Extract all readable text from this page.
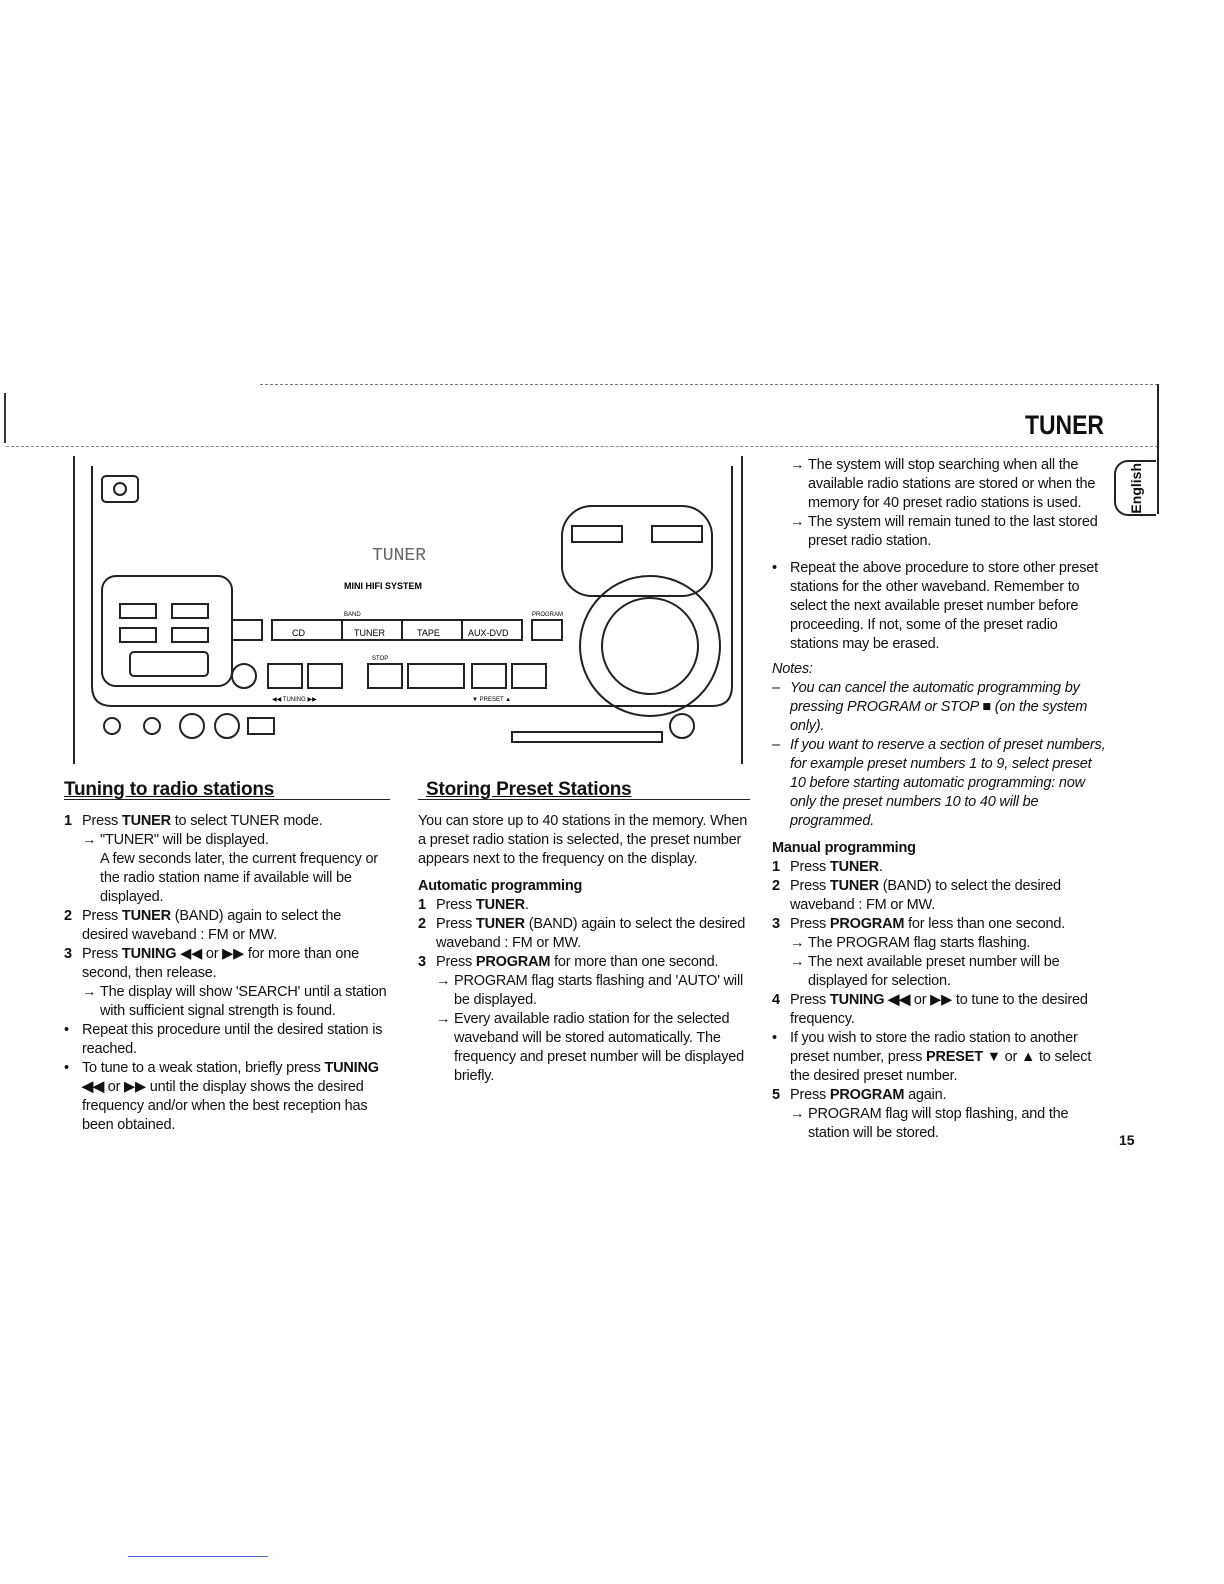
TUNER
English
MINI HIFI SYSTEM
TUNER
CD	TUNER	TAPE	AUX-DVD
BAND	PROGRAM
STOP
◀◀ TUNING ▶▶	▼ PRESET ▲

Tuning to radio stations

1 Press TUNER to select TUNER mode.
→ "TUNER" will be displayed.

A few seconds later, the current frequency or the radio station name if available will be displayed.

2 Press TUNER (BAND) again to select the desired waveband : FM or MW.
3 Press TUNING ◀◀ or ▶▶ for more than one second, then release.
→ The display will show 'SEARCH' until a station with sufficient signal strength is found.
• Repeat this procedure until the desired station is reached.
• To tune to a weak station, briefly press TUNING ◀◀ or ▶▶ until the display shows the desired frequency and/or when the best reception has been obtained.

Storing Preset Stations

You can store up to 40 stations in the memory. When a preset radio station is selected, the preset number appears next to the frequency on the display.

Automatic programming

1 Press TUNER.
2 Press TUNER (BAND) again to select the desired waveband : FM or MW.
3 Press PROGRAM for more than one second.
→ PROGRAM flag starts flashing and 'AUTO' will be displayed.
→ Every available radio station for the selected waveband will be stored automatically. The frequency and preset number will be displayed briefly.
→ The system will stop searching when all the available radio stations are stored or when the memory for 40 preset radio stations is used.
→ The system will remain tuned to the last stored preset radio station.
• Repeat the above procedure to store other preset stations for the other waveband. Remember to select the next available preset number before proceeding. If not, some of the preset radio stations may be erased.

Notes:

– You can cancel the automatic programming by pressing PROGRAM or STOP ■ (on the system only).
– If you want to reserve a section of preset numbers, for example preset numbers 1 to 9, select preset 10 before starting automatic programming: now only the preset numbers 10 to 40 will be programmed.

Manual programming

1 Press TUNER.
2 Press TUNER (BAND) to select the desired waveband : FM or MW.
3 Press PROGRAM for less than one second.
→ The PROGRAM flag starts flashing.
→ The next available preset number will be displayed for selection.
4 Press TUNING ◀◀ or ▶▶ to tune to the desired frequency.
• If you wish to store the radio station to another preset number, press PRESET ▼ or ▲ to select the desired preset number.
5 Press PROGRAM again.
→ PROGRAM flag will stop flashing, and the station will be stored.	15
